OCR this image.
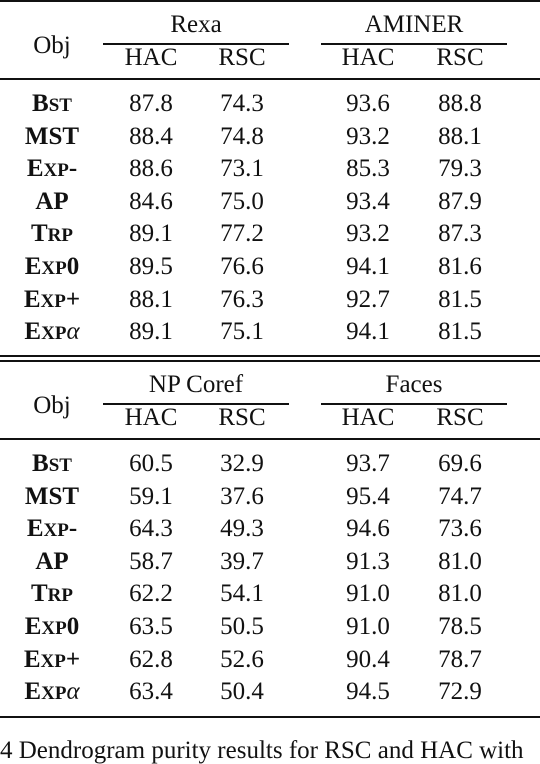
Obj
Rexa	AMINER
HAC RSC	HAC RSC
BST 87.8 74.3	93.6 88.8
MST 88.4 74.8	93.2 88.1
EXP- 88.6 73.1	85.3 79.3
AP 84.6 75.0	93.4 87.9
TRP 89.1 77.2	93.2 87.3
EXP0 89.5 76.6	94.1 81.6
EXP+ 88.1 76.3	92.7 81.5
EXPα 89.1 75.1	94.1 81.5
Obj
NP Coref	Faces
HAC RSC	HAC RSC
BST 60.5 32.9	93.7 69.6
MST 59.1 37.6	95.4 74.7
EXP- 64.3 49.3	94.6 73.6
AP 58.7 39.7	91.3 81.0
TRP 62.2 54.1	91.0 81.0
EXP0 63.5 50.5	91.0 78.5
EXP+ 62.8 52.6	90.4 78.7
EXPα 63.4 50.4	94.5 72.9
4 Dendrogram purity results for RSC and HAC with
